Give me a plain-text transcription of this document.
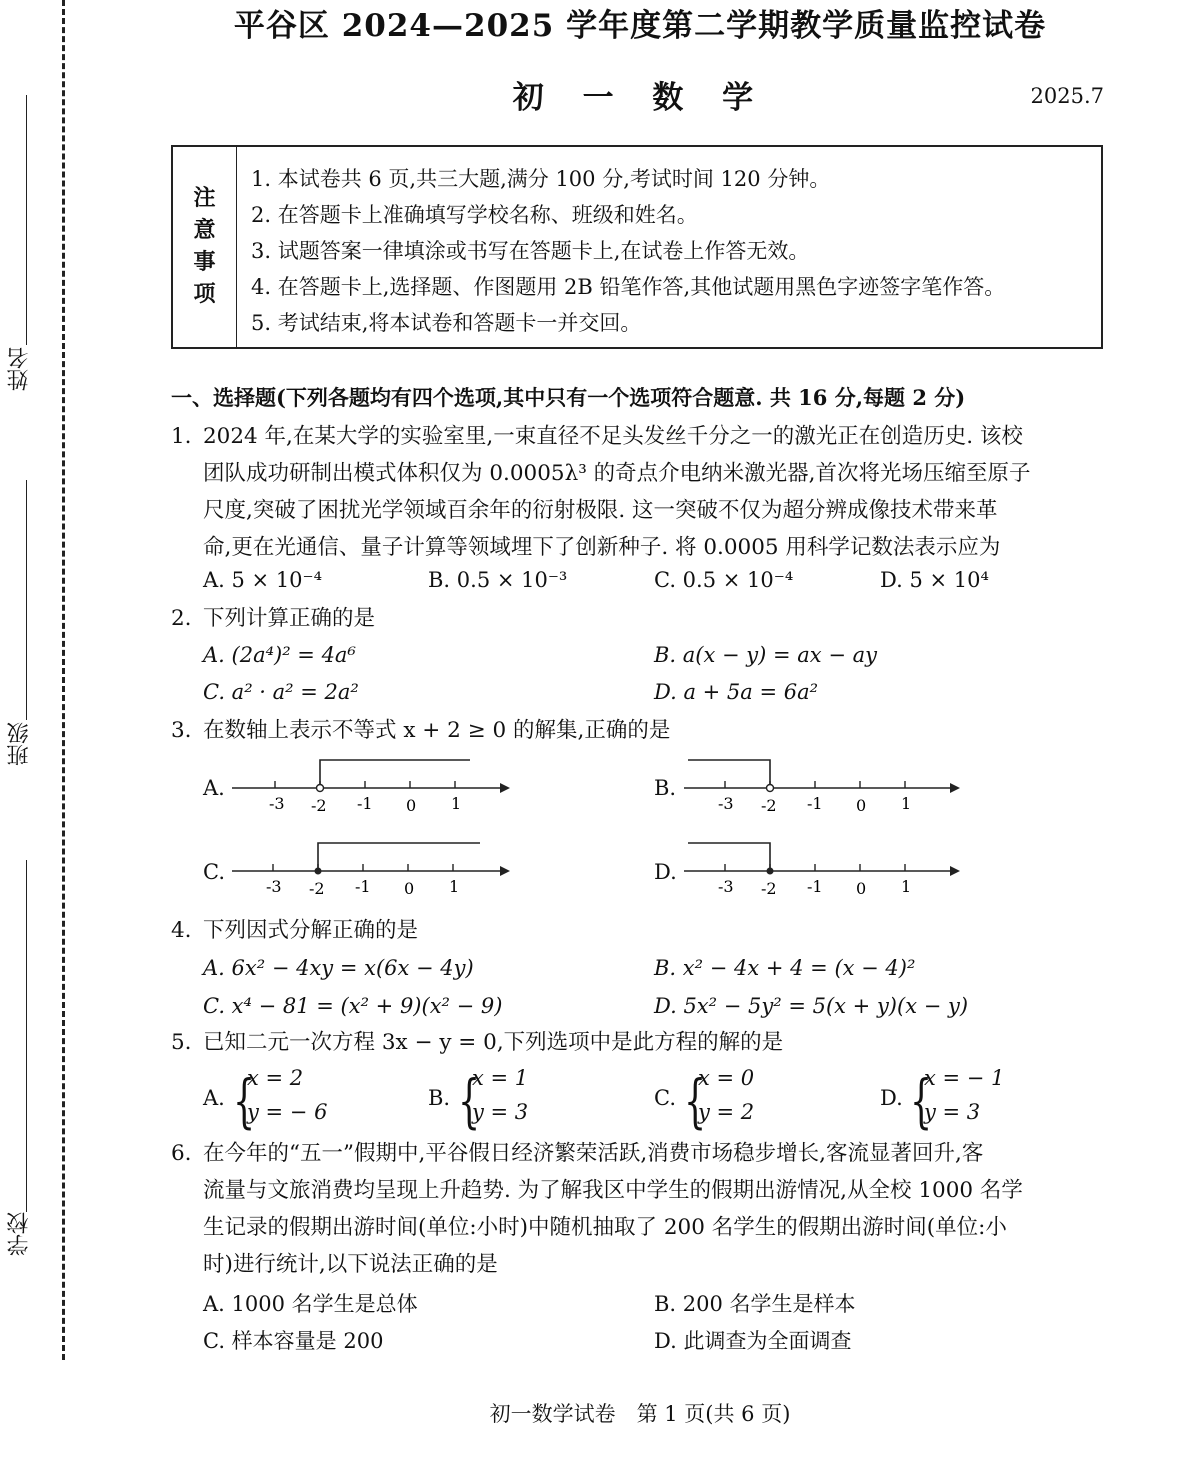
姓名
班级
学校
平谷区 2024—2025 学年度第二学期教学质量监控试卷
初 一 数 学	2025.7
注
意
事
项
1. 本试卷共 6 页,共三大题,满分 100 分,考试时间 120 分钟。
2. 在答题卡上准确填写学校名称、班级和姓名。
3. 试题答案一律填涂或书写在答题卡上,在试卷上作答无效。
4. 在答题卡上,选择题、作图题用 2B 铅笔作答,其他试题用黑色字迹签字笔作答。
5. 考试结束,将本试卷和答题卡一并交回。
一、选择题(下列各题均有四个选项,其中只有一个选项符合题意. 共 16 分,每题 2 分)
1. 2024 年,在某大学的实验室里,一束直径不足头发丝千分之一的激光正在创造历史. 该校
团队成功研制出模式体积仅为 0.0005λ³ 的奇点介电纳米激光器,首次将光场压缩至原子
尺度,突破了困扰光学领域百余年的衍射极限. 这一突破不仅为超分辨成像技术带来革
命,更在光通信、量子计算等领域埋下了创新种子. 将 0.0005 用科学记数法表示应为
A. 5 × 10⁻⁴	B. 0.5 × 10⁻³	C. 0.5 × 10⁻⁴	D. 5 × 10⁴
2. 下列计算正确的是
A. (2a⁴)² = 4a⁶	B. a(x − y) = ax − ay
C. a² · a² = 2a²	D. a + 5a = 6a²
3. 在数轴上表示不等式 x + 2 ≥ 0 的解集,正确的是
A.	B.
C.	D.
-3 -2 -1 0 1	-3 -2 -1 0 1
-3 -2 -1 0 1	-3 -2 -1 0 1
4. 下列因式分解正确的是
A. 6x² − 4xy = x(6x − 4y)	B. x² − 4x + 4 = (x − 4)²
C. x⁴ − 81 = (x² + 9)(x² − 9)	D. 5x² − 5y² = 5(x + y)(x − y)
5. 已知二元一次方程 3x − y = 0,下列选项中是此方程的解的是
A. {
x = 2
y = − 6
B. {
x = 1
y = 3
C. {
x = 0
y = 2
D. {
x = − 1
y = 3
6. 在今年的“五一”假期中,平谷假日经济繁荣活跃,消费市场稳步增长,客流显著回升,客
流量与文旅消费均呈现上升趋势. 为了解我区中学生的假期出游情况,从全校 1000 名学
生记录的假期出游时间(单位:小时)中随机抽取了 200 名学生的假期出游时间(单位:小
时)进行统计,以下说法正确的是
A. 1000 名学生是总体	B. 200 名学生是样本
C. 样本容量是 200	D. 此调查为全面调查
初一数学试卷　第 1 页(共 6 页)
